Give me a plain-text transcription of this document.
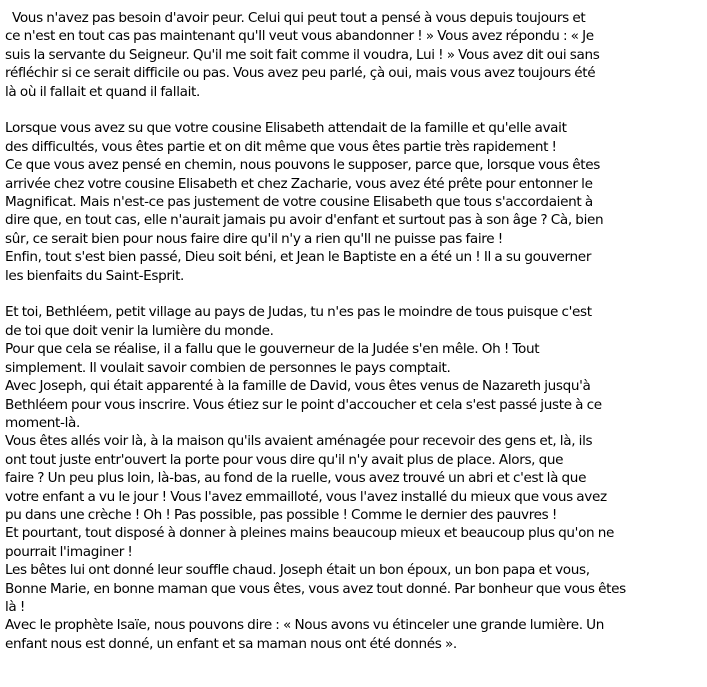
Vous n'avez pas besoin d'avoir peur. Celui qui peut tout a pensé à vous depuis toujours et
ce n'est en tout cas pas maintenant qu'Il veut vous abandonner ! » Vous avez répondu : « Je
suis la servante du Seigneur. Qu'il me soit fait comme il voudra, Lui ! » Vous avez dit oui sans
réfléchir si ce serait difficile ou pas. Vous avez peu parlé, çà oui, mais vous avez toujours été
là où il fallait et quand il fallait.
Lorsque vous avez su que votre cousine Elisabeth attendait de la famille et qu'elle avait
des difficultés, vous êtes partie et on dit même que vous êtes partie très rapidement !
Ce que vous avez pensé en chemin, nous pouvons le supposer, parce que, lorsque vous êtes
arrivée chez votre cousine Elisabeth et chez Zacharie, vous avez été prête pour entonner le
Magnificat. Mais n'est-ce pas justement de votre cousine Elisabeth que tous s'accordaient à
dire que, en tout cas, elle n'aurait jamais pu avoir d'enfant et surtout pas à son âge ? Cà, bien
sûr, ce serait bien pour nous faire dire qu'il n'y a rien qu'Il ne puisse pas faire !
Enfin, tout s'est bien passé, Dieu soit béni, et Jean le Baptiste en a été un ! Il a su gouverner
les bienfaits du Saint-Esprit.
Et toi, Bethléem, petit village au pays de Judas, tu n'es pas le moindre de tous puisque c'est
de toi que doit venir la lumière du monde.
Pour que cela se réalise, il a fallu que le gouverneur de la Judée s'en mêle. Oh ! Tout
simplement. Il voulait savoir combien de personnes le pays comptait.
Avec Joseph, qui était apparenté à la famille de David, vous êtes venus de Nazareth jusqu'à
Bethléem pour vous inscrire. Vous étiez sur le point d'accoucher et cela s'est passé juste à ce
moment-là.
Vous êtes allés voir là, à la maison qu'ils avaient aménagée pour recevoir des gens et, là, ils
ont tout juste entr'ouvert la porte pour vous dire qu'il n'y avait plus de place. Alors, que
faire ? Un peu plus loin, là-bas, au fond de la ruelle, vous avez trouvé un abri et c'est là que
votre enfant a vu le jour ! Vous l'avez emmailloté, vous l'avez installé du mieux que vous avez
pu dans une crèche ! Oh ! Pas possible, pas possible ! Comme le dernier des pauvres !
Et pourtant, tout disposé à donner à pleines mains beaucoup mieux et beaucoup plus qu'on ne
pourrait l'imaginer !
Les bêtes lui ont donné leur souffle chaud. Joseph était un bon époux, un bon papa et vous,
Bonne Marie, en bonne maman que vous êtes, vous avez tout donné. Par bonheur que vous êtes
là !
Avec le prophète Isaïe, nous pouvons dire : « Nous avons vu étinceler une grande lumière. Un
enfant nous est donné, un enfant et sa maman nous ont été donnés ».
